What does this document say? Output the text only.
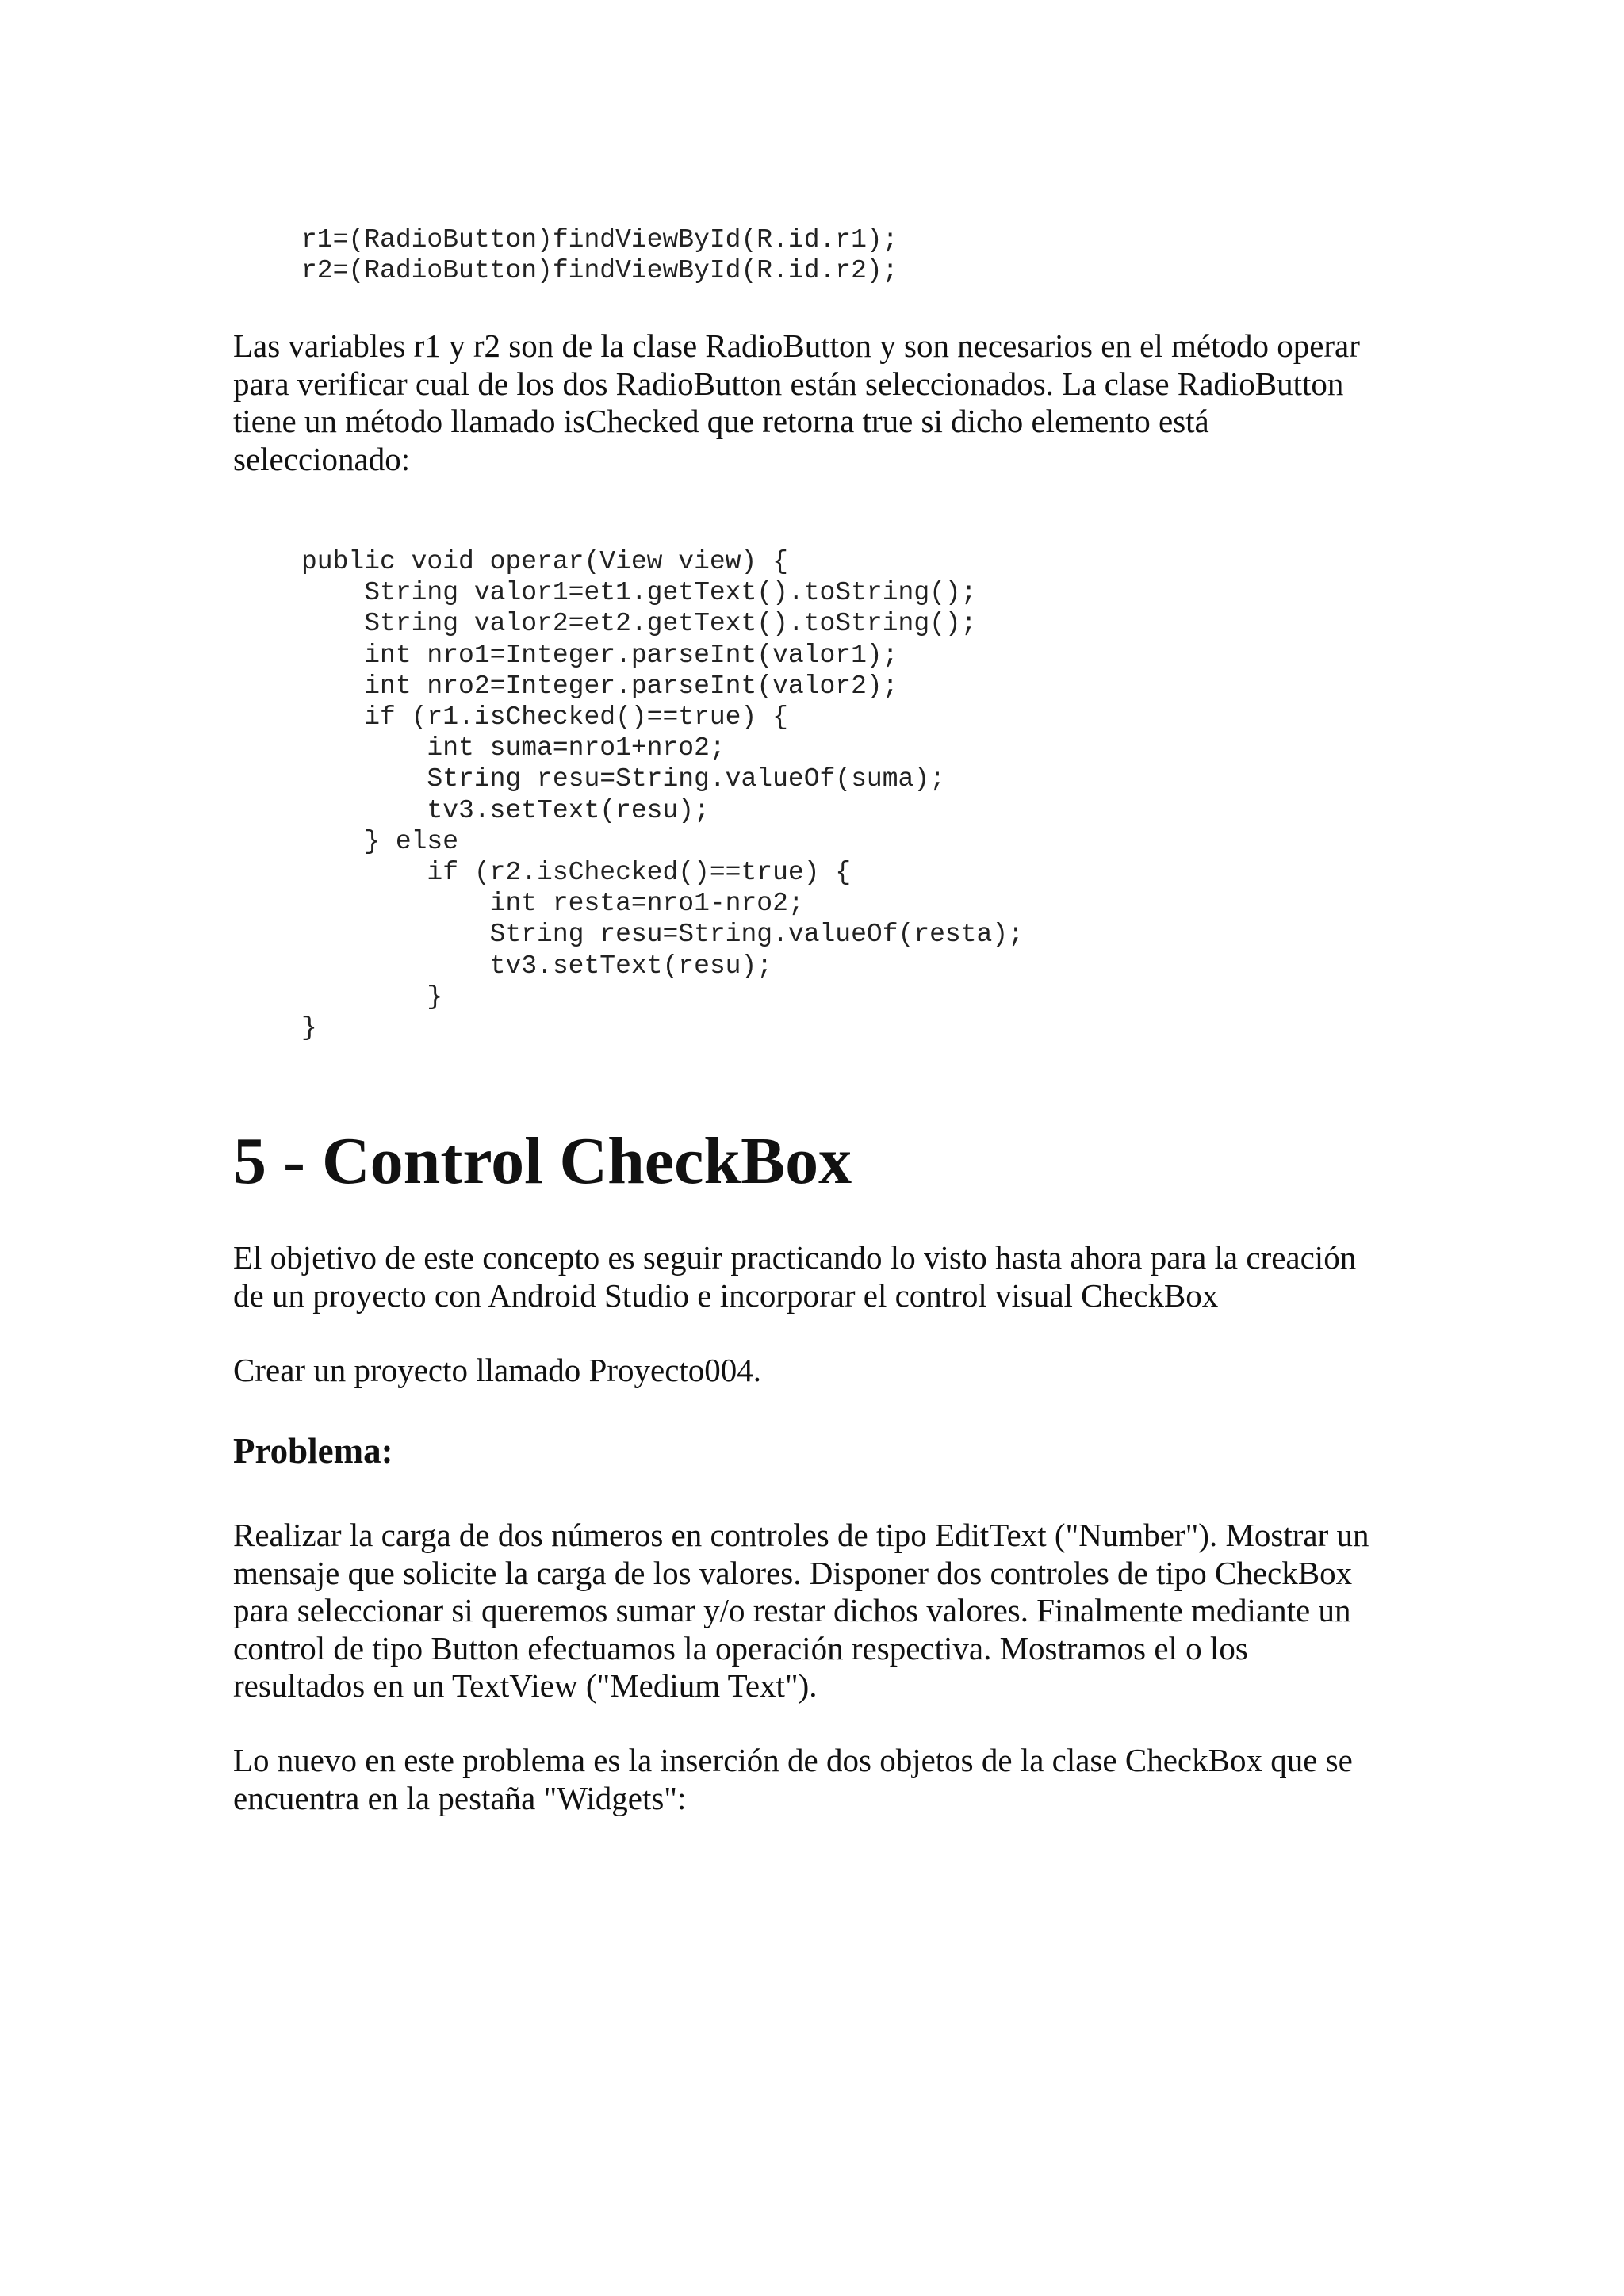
r1=(RadioButton)findViewById(R.id.r1);
r2=(RadioButton)findViewById(R.id.r2);

Las variables r1 y r2 son de la clase RadioButton y son necesarios en el método operar
para verificar cual de los dos RadioButton están seleccionados. La clase RadioButton
tiene un método llamado isChecked que retorna true si dicho elemento está
seleccionado:

public void operar(View view) {
String valor1=et1.getText().toString();
String valor2=et2.getText().toString();
int nro1=Integer.parseInt(valor1);
int nro2=Integer.parseInt(valor2);
if (r1.isChecked()==true) {
int suma=nro1+nro2;
String resu=String.valueOf(suma);
tv3.setText(resu);
} else
if (r2.isChecked()==true) {
int resta=nro1-nro2;
String resu=String.valueOf(resta);
tv3.setText(resu);
}
}
5 - Control CheckBox

El objetivo de este concepto es seguir practicando lo visto hasta ahora para la creación
de un proyecto con Android Studio e incorporar el control visual CheckBox

Crear un proyecto llamado Proyecto004.

Problema:

Realizar la carga de dos números en controles de tipo EditText ("Number"). Mostrar un
mensaje que solicite la carga de los valores. Disponer dos controles de tipo CheckBox
para seleccionar si queremos sumar y/o restar dichos valores. Finalmente mediante un
control de tipo Button efectuamos la operación respectiva. Mostramos el o los
resultados en un TextView ("Medium Text").

Lo nuevo en este problema es la inserción de dos objetos de la clase CheckBox que se
encuentra en la pestaña "Widgets":
